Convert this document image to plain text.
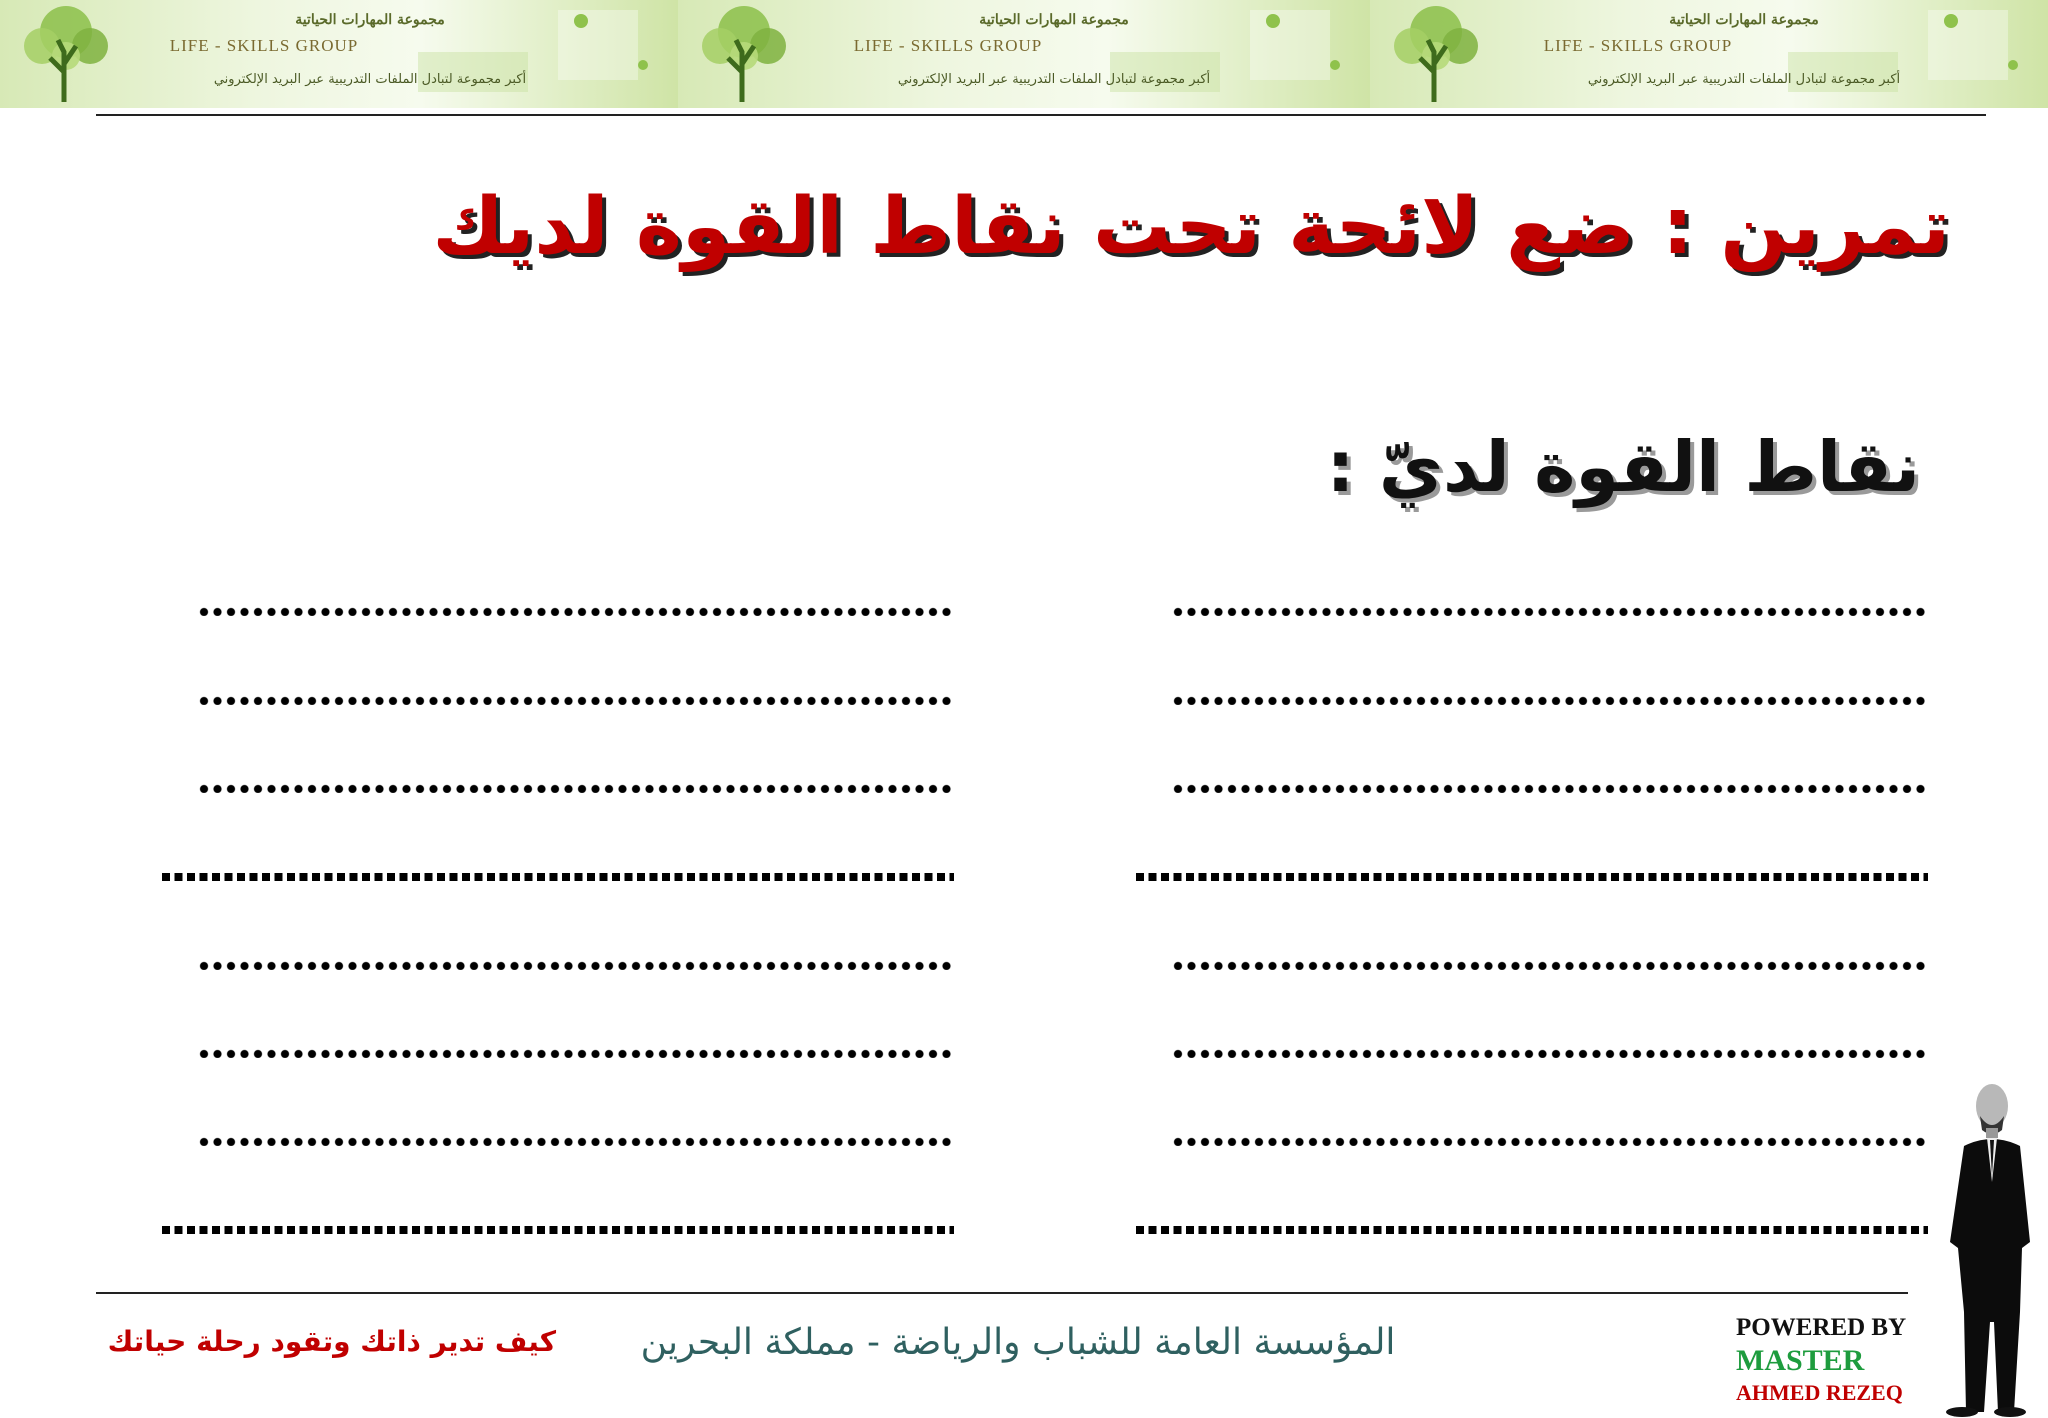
مجموعة المهارات الحياتية
LIFE - SKILLS GROUP
أكبر مجموعة لتبادل الملفات التدريبية عبر البريد الإلكتروني
مجموعة المهارات الحياتية
LIFE - SKILLS GROUP
أكبر مجموعة لتبادل الملفات التدريبية عبر البريد الإلكتروني
مجموعة المهارات الحياتية
LIFE - SKILLS GROUP
أكبر مجموعة لتبادل الملفات التدريبية عبر البريد الإلكتروني
تمرين : ضع لائحة تحت نقاط القوة لديك
نقاط القوة لديّ :
كيف تدير ذاتك وتقود رحلة حياتك	المؤسسة العامة للشباب والرياضة - مملكة البحرين	POWERED BY
MASTER
AHMED REZEQ
